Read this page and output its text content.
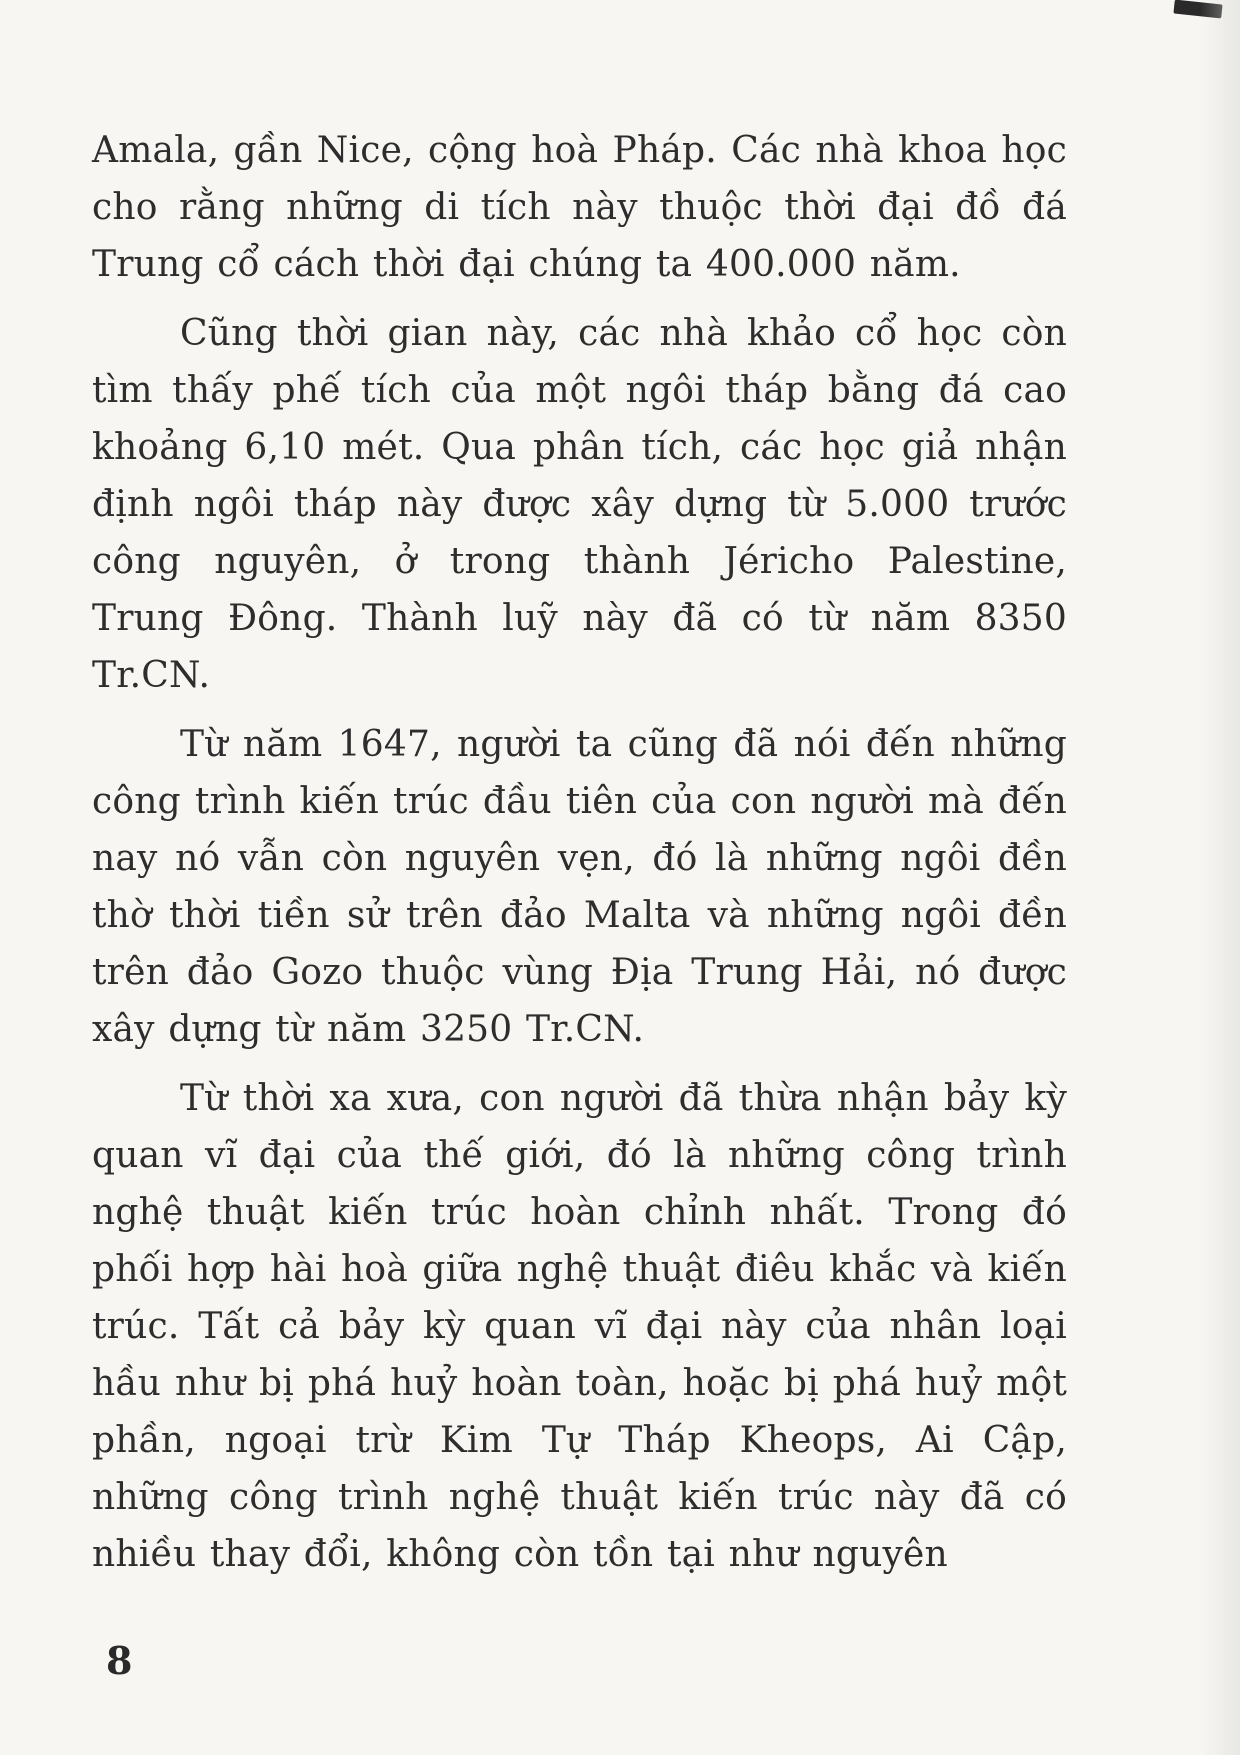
Amala, gần Nice, cộng hoà Pháp. Các nhà khoa học cho rằng những di tích này thuộc thời đại đồ đá Trung cổ cách thời đại chúng ta 400.000 năm.

Cũng thời gian này, các nhà khảo cổ học còn tìm thấy phế tích của một ngôi tháp bằng đá cao khoảng 6,10 mét. Qua phân tích, các học giả nhận định ngôi tháp này được xây dựng từ 5.000 trước công nguyên, ở trong thành Jéricho Palestine, Trung Đông. Thành luỹ này đã có từ năm 8350 Tr.CN.

Từ năm 1647, người ta cũng đã nói đến những công trình kiến trúc đầu tiên của con người mà đến nay nó vẫn còn nguyên vẹn, đó là những ngôi đền thờ thời tiền sử trên đảo Malta và những ngôi đền trên đảo Gozo thuộc vùng Địa Trung Hải, nó được xây dựng từ năm 3250 Tr.CN.

Từ thời xa xưa, con người đã thừa nhận bảy kỳ quan vĩ đại của thế giới, đó là những công trình nghệ thuật kiến trúc hoàn chỉnh nhất. Trong đó phối hợp hài hoà giữa nghệ thuật điêu khắc và kiến trúc. Tất cả bảy kỳ quan vĩ đại này của nhân loại hầu như bị phá huỷ hoàn toàn, hoặc bị phá huỷ một phần, ngoại trừ Kim Tự Tháp Kheops, Ai Cập, những công trình nghệ thuật kiến trúc này đã có nhiều thay đổi, không còn tồn tại như nguyên

8
